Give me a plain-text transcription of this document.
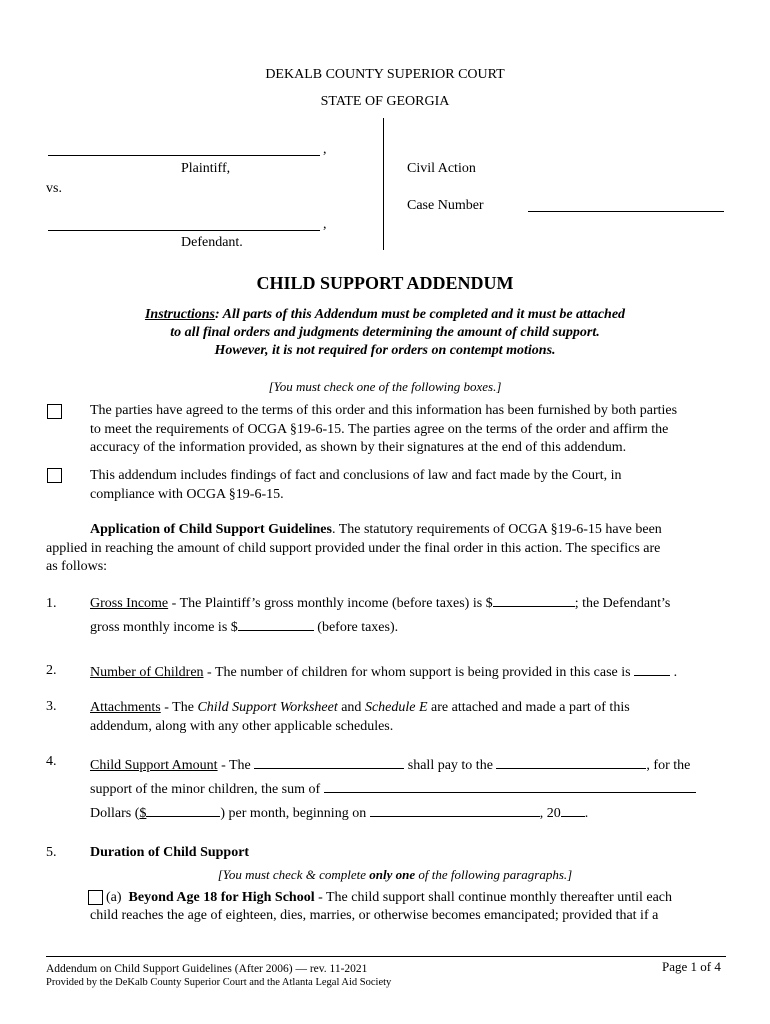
DEKALB COUNTY SUPERIOR COURT
STATE OF GEORGIA
,
Plaintiff,
vs.
,
Defendant.
Civil Action
Case Number
CHILD SUPPORT ADDENDUM
Instructions: All parts of this Addendum must be completed and it must be attached
to all final orders and judgments determining the amount of child support.
However, it is not required for orders on contempt motions.
[You must check one of the following boxes.]
The parties have agreed to the terms of this order and this information has been furnished by both parties
to meet the requirements of OCGA §19-6-15. The parties agree on the terms of the order and affirm the
accuracy of the information provided, as shown by their signatures at the end of this addendum.
This addendum includes findings of fact and conclusions of law and fact made by the Court, in
compliance with OCGA §19-6-15.
Application of Child Support Guidelines. The statutory requirements of OCGA §19-6-15 have been
applied in reaching the amount of child support provided under the final order in this action. The specifics are
as follows:
1. Gross Income - The Plaintiff’s gross monthly income (before taxes) is $	; the Defendant’s
gross monthly income is $	(before taxes).
2. Number of Children - The number of children for whom support is being provided in this case is	.
3. Attachments - The Child Support Worksheet and Schedule E are attached and made a part of this
addendum, along with any other applicable schedules.
4. Child Support Amount - The	shall pay to the	, for the
support of the minor children, the sum of
Dollars ($	) per month, beginning on	, 20 .
5. Duration of Child Support
[You must check & complete only one of the following paragraphs.]
(a) Beyond Age 18 for High School - The child support shall continue monthly thereafter until each
child reaches the age of eighteen, dies, marries, or otherwise becomes emancipated; provided that if a
Addendum on Child Support Guidelines (After 2006) — rev. 11-2021
Provided by the DeKalb County Superior Court and the Atlanta Legal Aid Society
Page 1 of 4
